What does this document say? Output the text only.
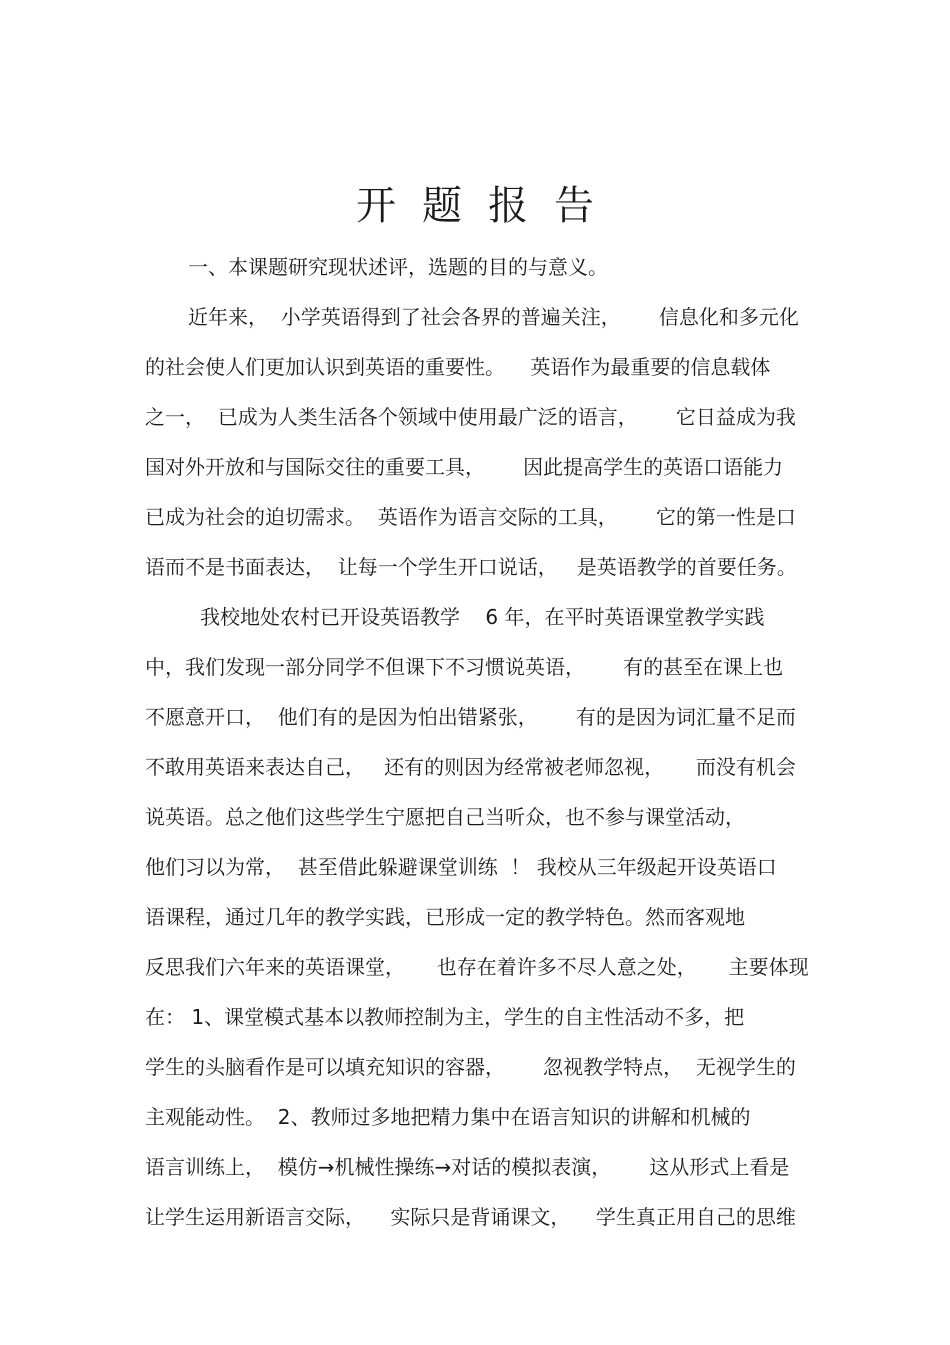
开题报告
一、本课题研究现状述评，选题的目的与意义。
近年来，  小学英语得到了社会各界的普遍关注，      信息化和多元化
的社会使人们更加认识到英语的重要性。    英语作为最重要的信息载体
之一，  已成为人类生活各个领域中使用最广泛的语言，      它日益成为我
国对外开放和与国际交往的重要工具，      因此提高学生的英语口语能力
已成为社会的迫切需求。  英语作为语言交际的工具，      它的第一性是口
语而不是书面表达，  让每一个学生开口说话，   是英语教学的首要任务。
我校地处农村已开设英语教学    6 年，在平时英语课堂教学实践
中，我们发现一部分同学不但课下不习惯说英语，      有的甚至在课上也
不愿意开口，  他们有的是因为怕出错紧张，      有的是因为词汇量不足而
不敢用英语来表达自己，   还有的则因为经常被老师忽视，     而没有机会
说英语。总之他们这些学生宁愿把自己当听众，也不参与课堂活动，
他们习以为常，  甚至借此躲避课堂训练  ！ 我校从三年级起开设英语口
语课程，通过几年的教学实践，已形成一定的教学特色。然而客观地
反思我们六年来的英语课堂，     也存在着许多不尽人意之处，     主要体现
在： 1、课堂模式基本以教师控制为主，学生的自主性活动不多，把
学生的头脑看作是可以填充知识的容器，      忽视教学特点，  无视学生的
主观能动性。  2、教师过多地把精力集中在语言知识的讲解和机械的
语言训练上，  模仿→机械性操练→对话的模拟表演，      这从形式上看是
让学生运用新语言交际，    实际只是背诵课文，    学生真正用自己的思维
